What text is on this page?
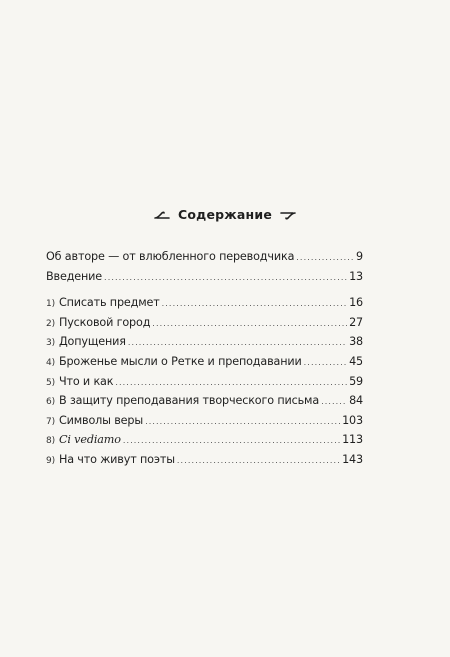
Содержание
Об авторе — от влюбленного переводчика .....	9
Введение .....	13
1) Списать предмет .....	16
2) Пусковой город .....	27
3) Допущения .....	38
4) Броженье мысли о Ретке и преподавании .....	45
5) Что и как .....	59
6) В защиту преподавания творческого письма .....	84
7) Символы веры .....	103
8) Ci vediamo .....	113
9) На что живут поэты .....	143
